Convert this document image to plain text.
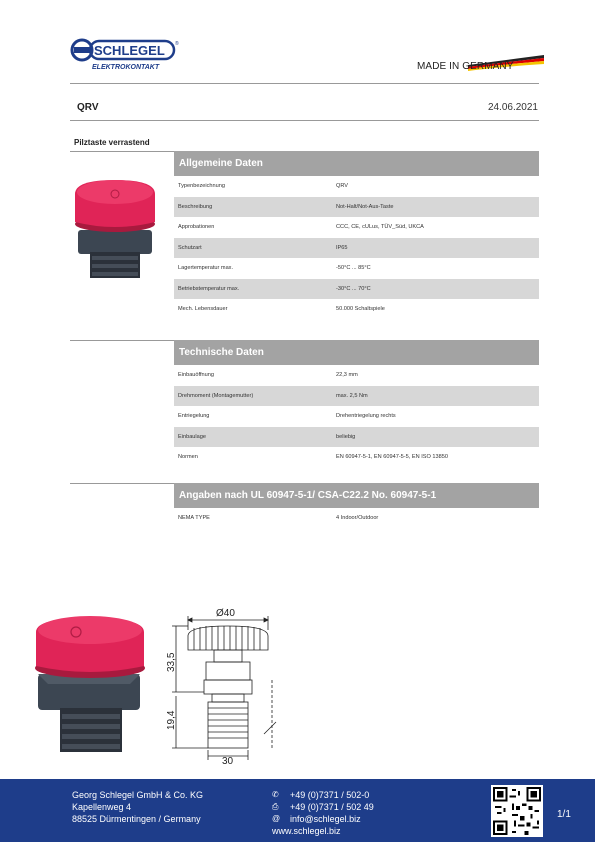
SCHLEGEL ®
ELEKTROKONTAKT	MADE IN GERMANY
QRV	24.06.2021
Pilztaste verrastend
Allgemeine Daten
Typenbezeichnung	QRV
Beschreibung	Not-Halt/Not-Aus-Taste
Approbationen	CCC, CE, cULus, TÜV_Süd, UKCA
Schutzart	IP65
Lagertemperatur max.	-50°C ... 85°C
Betriebstemperatur max.	-30°C ... 70°C
Mech. Lebensdauer	50.000 Schaltspiele
Technische Daten
Einbauöffnung	22,3 mm
Drehmoment (Montagemutter)	max. 2,5 Nm
Entriegelung	Drehentriegelung rechts
Einbaulage	beliebig
Normen	EN 60947-5-1, EN 60947-5-5, EN ISO 13850
Angaben nach UL 60947-5-1/ CSA-C22.2 No. 60947-5-1
NEMA TYPE	4 Indoor/Outdoor
Ø40
33,5
19,4
30
Georg Schlegel GmbH & Co. KG
Kapellenweg 4
88525 Dürmentingen / Germany
✆	+49 (0)7371 / 502-0
⎙	+49 (0)7371 / 502 49
@	info@schlegel.biz
www.schlegel.biz
1/1
